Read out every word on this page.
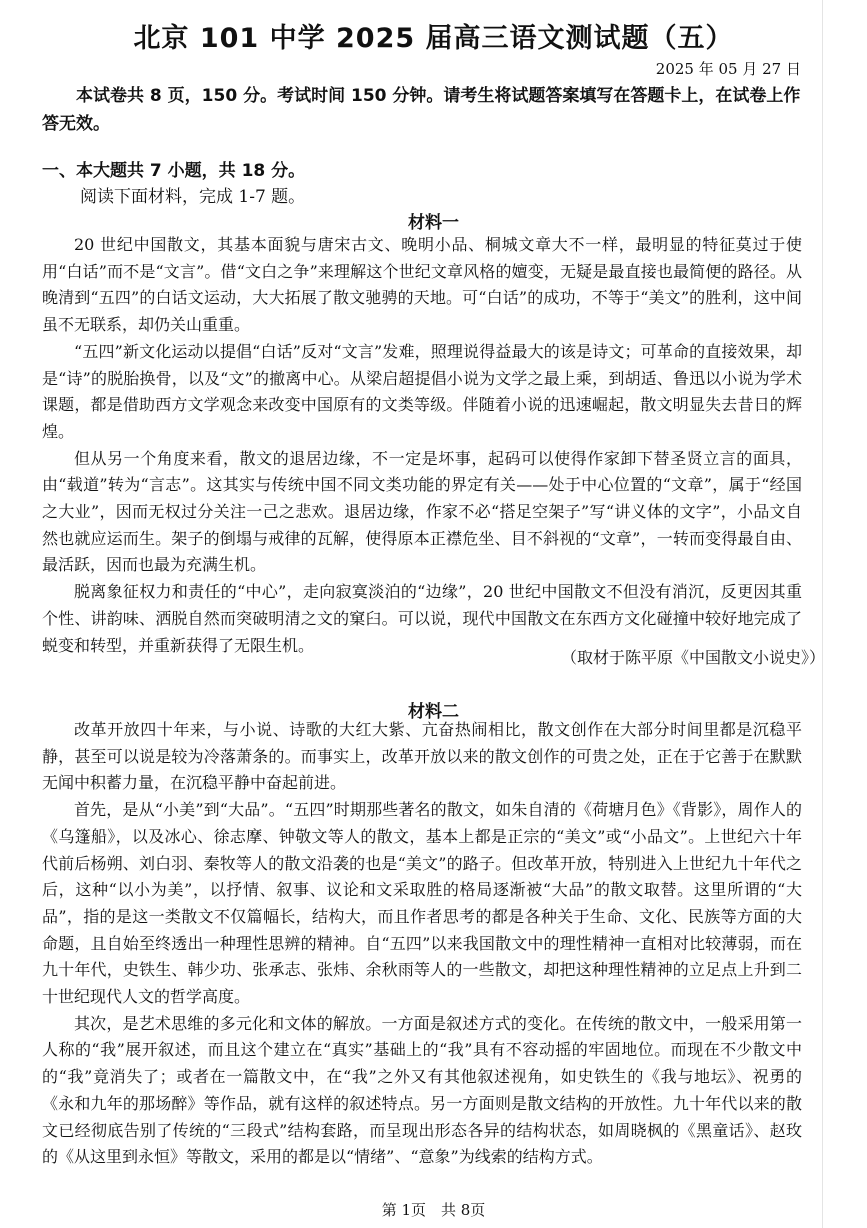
北京 101 中学 2025 届高三语文测试题（五）
2025 年 05 月 27 日
本试卷共 8 页，150 分。考试时间 150 分钟。请考生将试题答案填写在答题卡上，在试卷上作答无效。
一、本大题共 7 小题，共 18 分。
阅读下面材料，完成 1-7 题。
材料一

20 世纪中国散文，其基本面貌与唐宋古文、晚明小品、桐城文章大不一样，最明显的特征莫过于使用“白话”而不是“文言”。借“文白之争”来理解这个世纪文章风格的嬗变，无疑是最直接也最简便的路径。从晚清到“五四”的白话文运动，大大拓展了散文驰骋的天地。可“白话”的成功，不等于“美文”的胜利，这中间虽不无联系，却仍关山重重。

“五四”新文化运动以提倡“白话”反对“文言”发难，照理说得益最大的该是诗文；可革命的直接效果，却是“诗”的脱胎换骨，以及“文”的撤离中心。从梁启超提倡小说为文学之最上乘，到胡适、鲁迅以小说为学术课题，都是借助西方文学观念来改变中国原有的文类等级。伴随着小说的迅速崛起，散文明显失去昔日的辉煌。

但从另一个角度来看，散文的退居边缘，不一定是坏事，起码可以使得作家卸下替圣贤立言的面具，由“载道”转为“言志”。这其实与传统中国不同文类功能的界定有关——处于中心位置的“文章”，属于“经国之大业”，因而无权过分关注一己之悲欢。退居边缘，作家不必“搭足空架子”写“讲义体的文字”，小品文自然也就应运而生。架子的倒塌与戒律的瓦解，使得原本正襟危坐、目不斜视的“文章”，一转而变得最自由、最活跃，因而也最为充满生机。

脱离象征权力和责任的“中心”，走向寂寞淡泊的“边缘”，20 世纪中国散文不但没有消沉，反更因其重个性、讲韵味、洒脱自然而突破明清之文的窠臼。可以说，现代中国散文在东西方文化碰撞中较好地完成了蜕变和转型，并重新获得了无限生机。

（取材于陈平原《中国散文小说史》）
材料二

改革开放四十年来，与小说、诗歌的大红大紫、亢奋热闹相比，散文创作在大部分时间里都是沉稳平静，甚至可以说是较为冷落萧条的。而事实上，改革开放以来的散文创作的可贵之处，正在于它善于在默默无闻中积蓄力量，在沉稳平静中奋起前进。

首先，是从“小美”到“大品”。“五四”时期那些著名的散文，如朱自清的《荷塘月色》《背影》，周作人的《乌篷船》，以及冰心、徐志摩、钟敬文等人的散文，基本上都是正宗的“美文”或“小品文”。上世纪六十年代前后杨朔、刘白羽、秦牧等人的散文沿袭的也是“美文”的路子。但改革开放，特别进入上世纪九十年代之后，这种“以小为美”，以抒情、叙事、议论和文采取胜的格局逐渐被“大品”的散文取替。这里所谓的“大品”，指的是这一类散文不仅篇幅长，结构大，而且作者思考的都是各种关于生命、文化、民族等方面的大命题，且自始至终透出一种理性思辨的精神。自“五四”以来我国散文中的理性精神一直相对比较薄弱，而在九十年代，史铁生、韩少功、张承志、张炜、余秋雨等人的一些散文，却把这种理性精神的立足点上升到二十世纪现代人文的哲学高度。

其次，是艺术思维的多元化和文体的解放。一方面是叙述方式的变化。在传统的散文中，一般采用第一人称的“我”展开叙述，而且这个建立在“真实”基础上的“我”具有不容动摇的牢固地位。而现在不少散文中的“我”竟消失了；或者在一篇散文中，在“我”之外又有其他叙述视角，如史铁生的《我与地坛》、祝勇的《永和九年的那场醉》等作品，就有这样的叙述特点。另一方面则是散文结构的开放性。九十年代以来的散文已经彻底告别了传统的“三段式”结构套路，而呈现出形态各异的结构状态，如周晓枫的《黑童话》、赵玫的《从这里到永恒》等散文，采用的都是以“情绪”、“意象”为线索的结构方式。

第 1页　共 8页
